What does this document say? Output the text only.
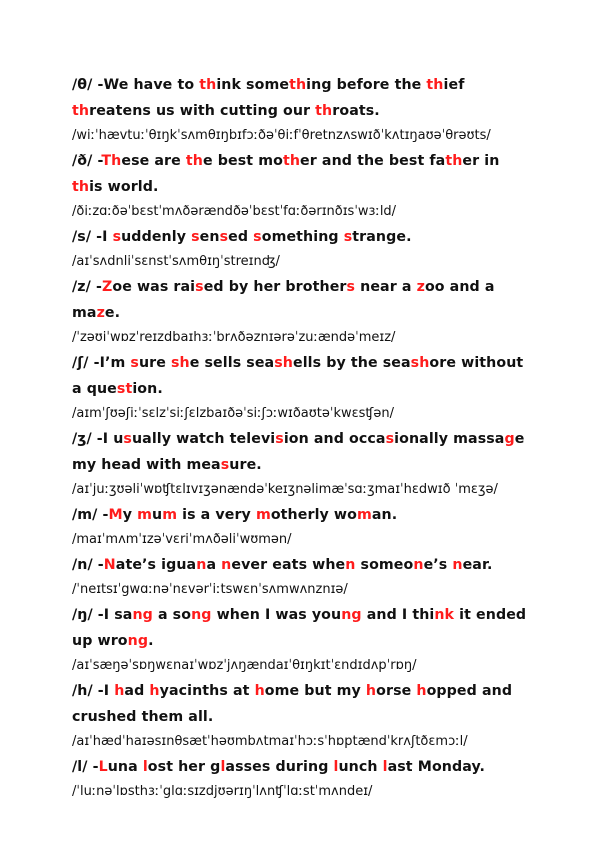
/θ/ -We have to think something before the thief threatens us with cutting our throats.

/wiːˈhævtuːˈθɪŋkˈsʌmθɪŋbɪfɔːðəˈθiːfˈθretnzʌswɪðˈkʌtɪŋaʊəˈθrəʊts/

/ð/ -These are the best mother and the best father in this world.

/ðiːzɑːðəˈbɛstˈmʌðərændðəˈbɛstˈfɑːðərɪnðɪsˈwɜːld/

/s/ -I suddenly sensed something strange.

/aɪˈsʌdnliˈsɛnstˈsʌmθɪŋˈstreɪnʤ/

/z/ -Zoe was raised by her brothers near a zoo and a maze.

/ˈzəʊiˈwɒzˈreɪzdbaɪhɜːˈbrʌðəznɪərəˈzuːændəˈmeɪz/

/ʃ/ -I’m sure she sells seashells by the seashore without a question.

/aɪmˈʃʊəʃiːˈsɛlzˈsiːʃɛlzbaɪðəˈsiːʃɔːwɪðaʊtəˈkwɛsʧən/

/ʒ/ -I usually watch television and occasionally massage my head with measure.

/aɪˈjuːʒʊəliˈwɒʧtɛlɪvɪʒənændəˈkeɪʒnəlimæˈsɑːʒmaɪˈhɛdwɪð ˈmɛʒə/

/m/ -My mum is a very motherly woman.

/maɪˈmʌmˈɪzəˈvɛriˈmʌðəliˈwʊmən/

/n/ -Nate’s iguana never eats when someone’s near.

/ˈneɪtsɪˈgwɑːnəˈnɛvərˈiːtswɛnˈsʌmwʌnznɪə/

/ŋ/ -I sang a song when I was young and I think it ended up wrong.

/aɪˈsæŋəˈsɒŋwɛnaɪˈwɒzˈjʌŋændaɪˈθɪŋkɪtˈɛndɪdʌpˈrɒŋ/

/h/ -I had hyacinths at home but my horse hopped and crushed them all.

/aɪˈhædˈhaɪəsɪnθsætˈhəʊmbʌtmaɪˈhɔːsˈhɒptændˈkrʌʃtðɛmɔːl/

/l/ -Luna lost her glasses during lunch last Monday.

/ˈluːnəˈlɒsthɜːˈglɑːsɪzdjʊərɪŋˈlʌnʧˈlɑːstˈmʌndeɪ/
